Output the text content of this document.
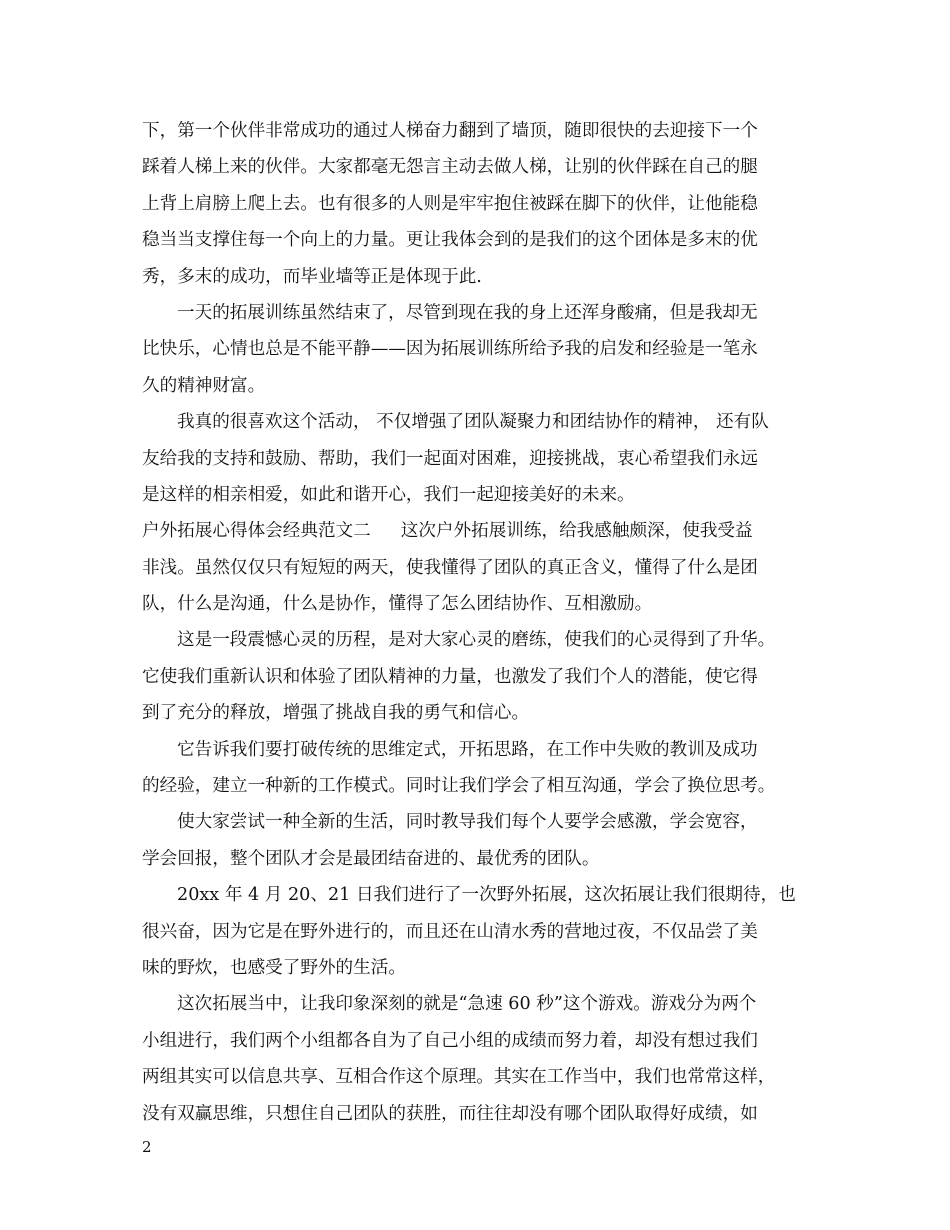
下，第一个伙伴非常成功的通过人梯奋力翻到了墙顶，随即很快的去迎接下一个
踩着人梯上来的伙伴。大家都毫无怨言主动去做人梯，让别的伙伴踩在自己的腿
上背上肩膀上爬上去。也有很多的人则是牢牢抱住被踩在脚下的伙伴，让他能稳
稳当当支撑住每一个向上的力量。更让我体会到的是我们的这个团体是多末的优
秀，多末的成功，而毕业墙等正是体现于此.
一天的拓展训练虽然结束了，尽管到现在我的身上还浑身酸痛，但是我却无
比快乐，心情也总是不能平静——因为拓展训练所给予我的启发和经验是一笔永
久的精神财富。
我真的很喜欢这个活动， 不仅增强了团队凝聚力和团结协作的精神， 还有队
友给我的支持和鼓励、帮助，我们一起面对困难，迎接挑战，衷心希望我们永远
是这样的相亲相爱，如此和谐开心，我们一起迎接美好的未来。
户外拓展心得体会经典范文二 这次户外拓展训练，给我感触颇深，使我受益
非浅。虽然仅仅只有短短的两天，使我懂得了团队的真正含义，懂得了什么是团
队，什么是沟通，什么是协作，懂得了怎么团结协作、互相激励。
这是一段震憾心灵的历程，是对大家心灵的磨练，使我们的心灵得到了升华。
它使我们重新认识和体验了团队精神的力量，也激发了我们个人的潜能，使它得
到了充分的释放，增强了挑战自我的勇气和信心。
它告诉我们要打破传统的思维定式，开拓思路，在工作中失败的教训及成功
的经验，建立一种新的工作模式。同时让我们学会了相互沟通，学会了换位思考。
使大家尝试一种全新的生活，同时教导我们每个人要学会感激，学会宽容，
学会回报，整个团队才会是最团结奋进的、最优秀的团队。
20xx 年 4 月 20、21 日我们进行了一次野外拓展，这次拓展让我们很期待，也
很兴奋，因为它是在野外进行的，而且还在山清水秀的营地过夜，不仅品尝了美
味的野炊，也感受了野外的生活。
这次拓展当中，让我印象深刻的就是“急速 60 秒”这个游戏。游戏分为两个
小组进行，我们两个小组都各自为了自己小组的成绩而努力着，却没有想过我们
两组其实可以信息共享、互相合作这个原理。其实在工作当中，我们也常常这样，
没有双赢思维，只想住自己团队的获胜，而往往却没有哪个团队取得好成绩，如
2
